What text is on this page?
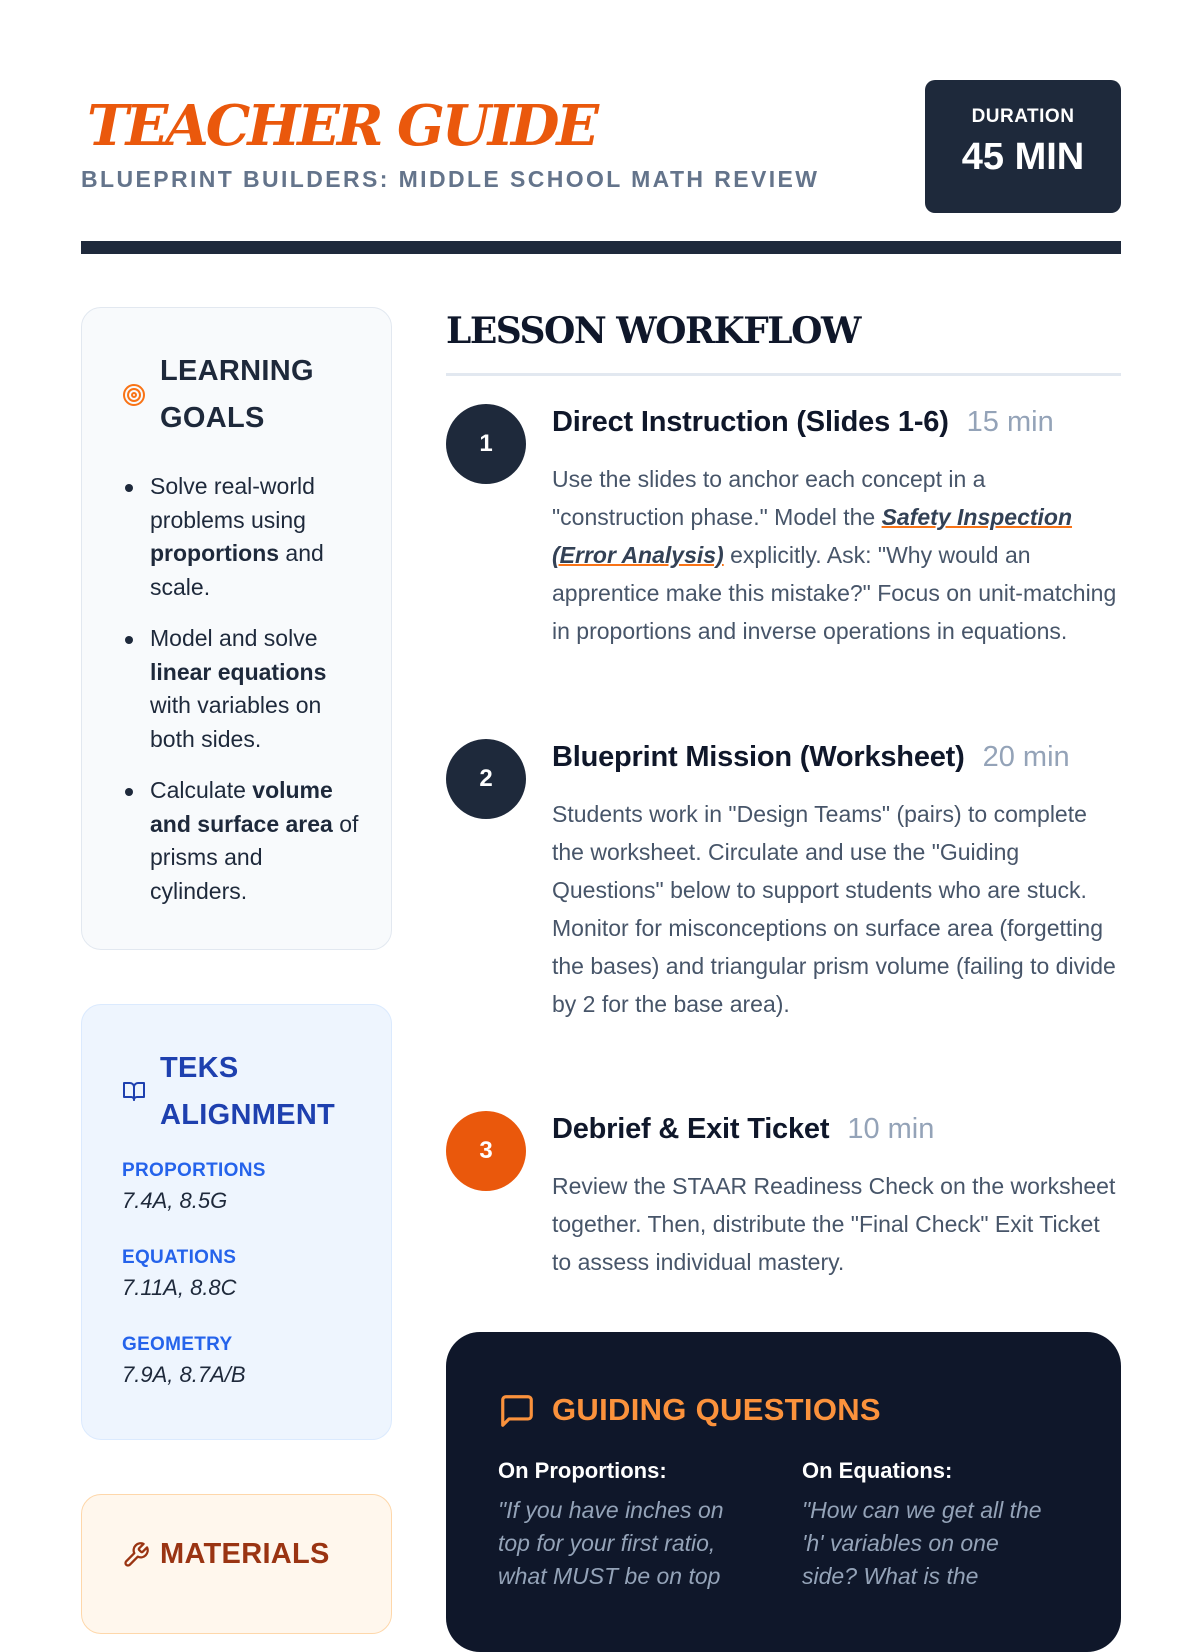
TEACHER GUIDE
BLUEPRINT BUILDERS: MIDDLE SCHOOL MATH REVIEW
DURATION
45 MIN
LEARNING GOALS
Solve real-world problems using proportions and scale.
Model and solve linear equations with variables on both sides.
Calculate volume and surface area of prisms and cylinders.
TEKS ALIGNMENT
PROPORTIONS
7.4A, 8.5G
EQUATIONS
7.11A, 8.8C
GEOMETRY
7.9A, 8.7A/B
MATERIALS
LESSON WORKFLOW
1
Direct Instruction (Slides 1-6) 15 min

Use the slides to anchor each concept in a "construction phase." Model the Safety Inspection (Error Analysis) explicitly. Ask: "Why would an apprentice make this mistake?" Focus on unit-matching in proportions and inverse operations in equations.

2
Blueprint Mission (Worksheet) 20 min

Students work in "Design Teams" (pairs) to complete the worksheet. Circulate and use the "Guiding Questions" below to support students who are stuck. Monitor for misconceptions on surface area (forgetting the bases) and triangular prism volume (failing to divide by 2 for the base area).

3
Debrief & Exit Ticket 10 min

Review the STAAR Readiness Check on the worksheet together. Then, distribute the "Final Check" Exit Ticket to assess individual mastery.

GUIDING QUESTIONS
On Proportions:
"If you have inches on top for your first ratio, what MUST be on top
On Equations:
"How can we get all the 'h' variables on one side? What is the
